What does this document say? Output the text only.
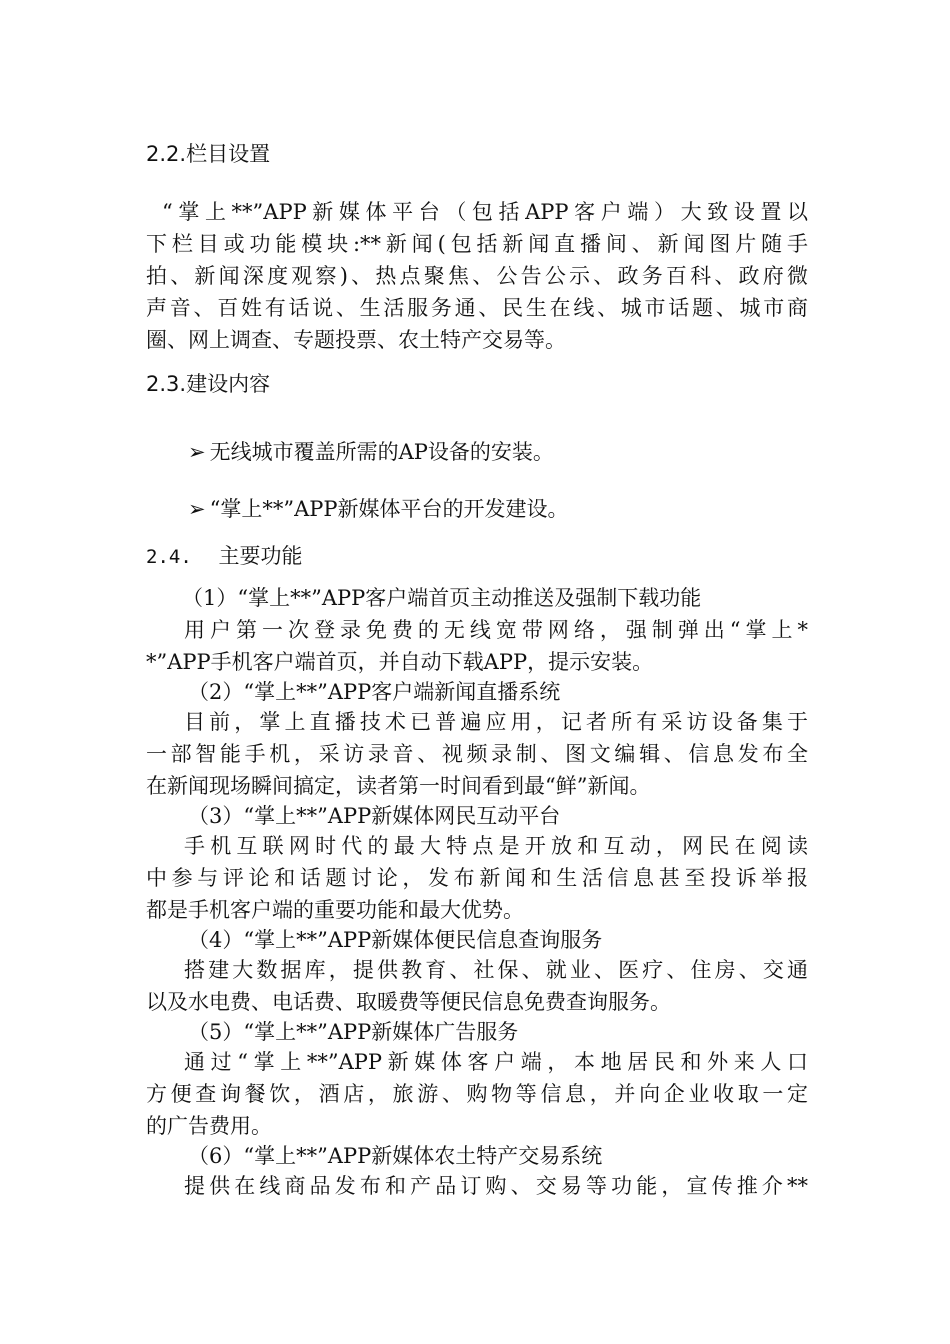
2.2.栏目设置
“掌上**”APP新媒体平台（包括APP客户端）大致设置以
下栏目或功能模块:**新闻(包括新闻直播间、新闻图片随手
拍、新闻深度观察)、热点聚焦、公告公示、政务百科、政府微
声音、百姓有话说、生活服务通、民生在线、城市话题、城市商
圈、网上调查、专题投票、农土特产交易等。
2.3.建设内容
➢ 无线城市覆盖所需的AP设备的安装。
➢ “掌上**”APP新媒体平台的开发建设。
2.4. 主要功能
（1）“掌上**”APP客户端首页主动推送及强制下载功能
用户第一次登录免费的无线宽带网络，强制弹出“掌上*
*”APP手机客户端首页，并自动下载APP，提示安装。
（2）“掌上**”APP客户端新闻直播系统
目前，掌上直播技术已普遍应用，记者所有采访设备集于
一部智能手机，采访录音、视频录制、图文编辑、信息发布全
在新闻现场瞬间搞定，读者第一时间看到最“鲜”新闻。
（3）“掌上**”APP新媒体网民互动平台
手机互联网时代的最大特点是开放和互动，网民在阅读
中参与评论和话题讨论，发布新闻和生活信息甚至投诉举报
都是手机客户端的重要功能和最大优势。
（4）“掌上**”APP新媒体便民信息查询服务
搭建大数据库，提供教育、社保、就业、医疗、住房、交通
以及水电费、电话费、取暖费等便民信息免费查询服务。
（5）“掌上**”APP新媒体广告服务
通过“掌上**”APP新媒体客户端，本地居民和外来人口
方便查询餐饮，酒店，旅游、购物等信息，并向企业收取一定
的广告费用。
（6）“掌上**”APP新媒体农土特产交易系统
提供在线商品发布和产品订购、交易等功能，宣传推介**
